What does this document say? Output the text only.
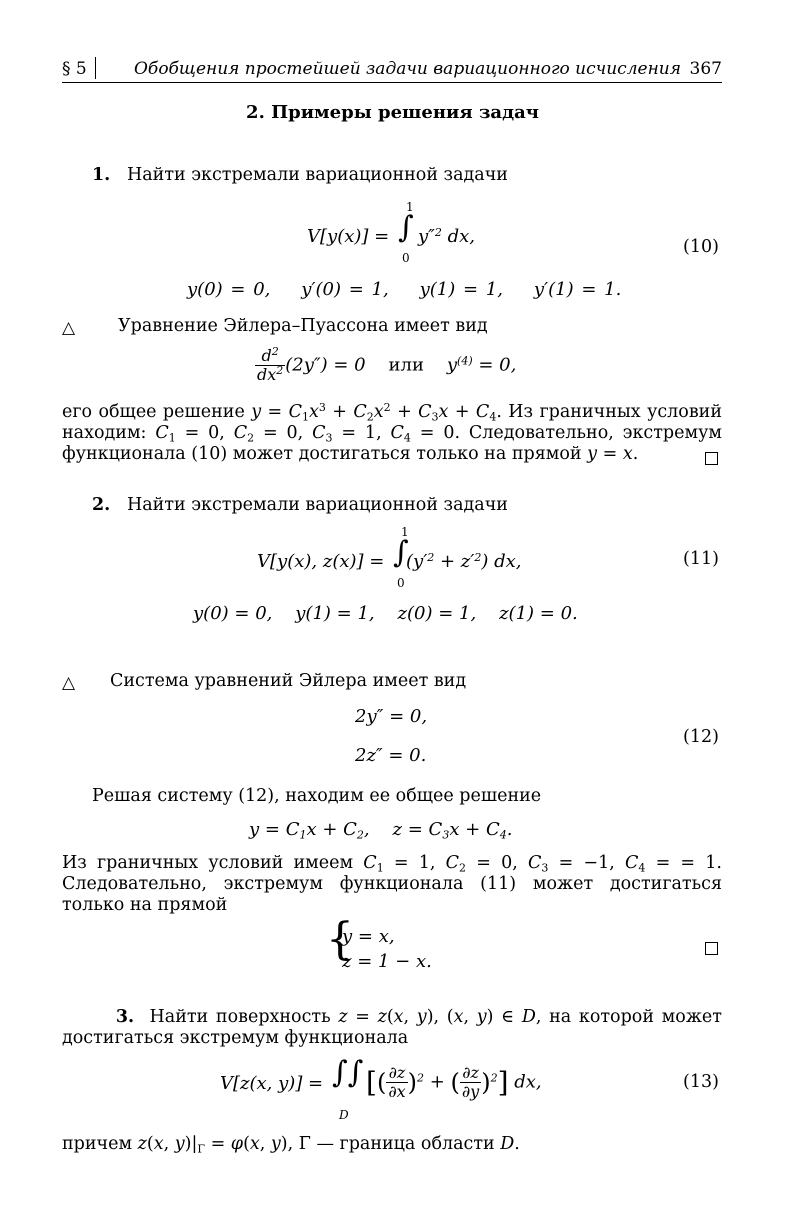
§ 5	Обобщения простейшей задачи вариационного исчисления 367
2. Примеры решения задач
1. Найти экстремали вариационной задачи
V[y(x)] = ∫
1
0
y″$^2$ dx,	(10)
y(0) = 0,    y′(0) = 1,    y(1) = 1,    y′(1) = 1.
△ Уравнение Эйлера–Пуассона имеет вид
$\frac{d^2}{dx^2} (2y'') = 0$    или    $y^{(4)} = 0$,
его общее решение $y = C_1x^3 + C_2x^2 + C_3x + C_4$. Из граничных условий находим: $C_1 = 0$, $C_2 = 0$, $C_3 = 1$, $C_4 = 0$. Следовательно, экстремум функционала (10) может достигаться только на прямой y = x.
2. Найти экстремали вариационной задачи
V[y(x), z(x)] = ∫
1
0
$(y'^2 + z'^2)$ dx,	(11)
y(0) = 0,    y(1) = 1,    z(0) = 1,    z(1) = 0.
△ Система уравнений Эйлера имеет вид
2y″ = 0,
2z″ = 0.
(12)
Решая систему (12), находим ее общее решение
$y = C_1x + C_2$,    $z = C_3x + C_4$.
Из граничных условий имеем $C_1 = 1$, $C_2 = 0$, $C_3 = -1$, $C_4$ = = 1. Следовательно, экстремум функционала (11) может достигаться только на прямой
{
y = x,
z = 1 − x.
3. Найти поверхность z = z(x, y), (x, y) ∈ D, на которой может достигаться экстремум функционала
V[z(x, y)] = ∫∫
D
[( $\frac{\partial z}{\partial x} )^2$ + ( $\frac{\partial z}{\partial y} )^2$] dx,	(13)
причем z(x, $y)|_\Gamma = \varphi(x$, y), Γ — граница области D.
